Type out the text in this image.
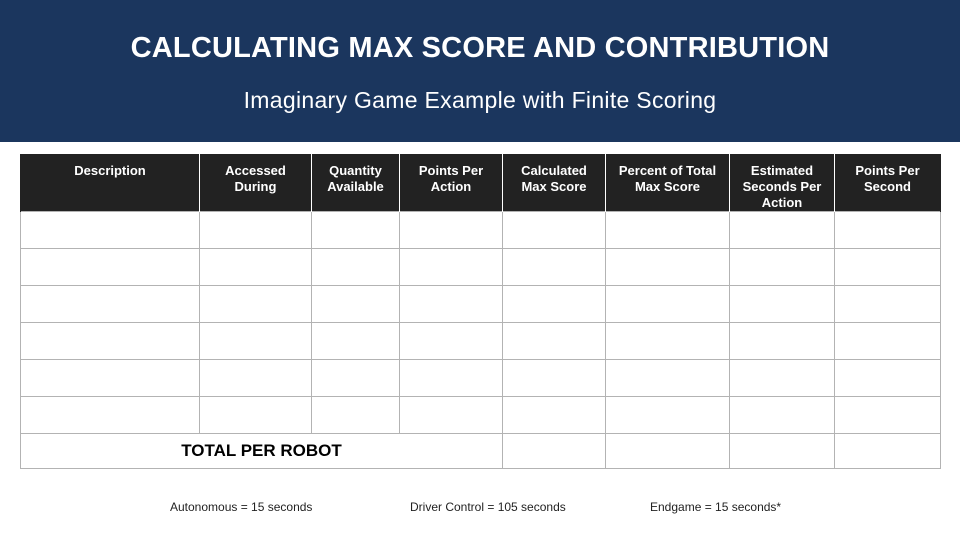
CALCULATING MAX SCORE AND CONTRIBUTION
Imaginary Game Example with Finite Scoring
Description	Accessed During	Quantity Available	Points Per Action	Calculated Max Score	Percent of Total Max Score	Estimated Seconds Per Action	Points Per Second

TOTAL PER ROBOT							
Autonomous = 15 seconds	Driver Control = 105 seconds	Endgame = 15 seconds*
